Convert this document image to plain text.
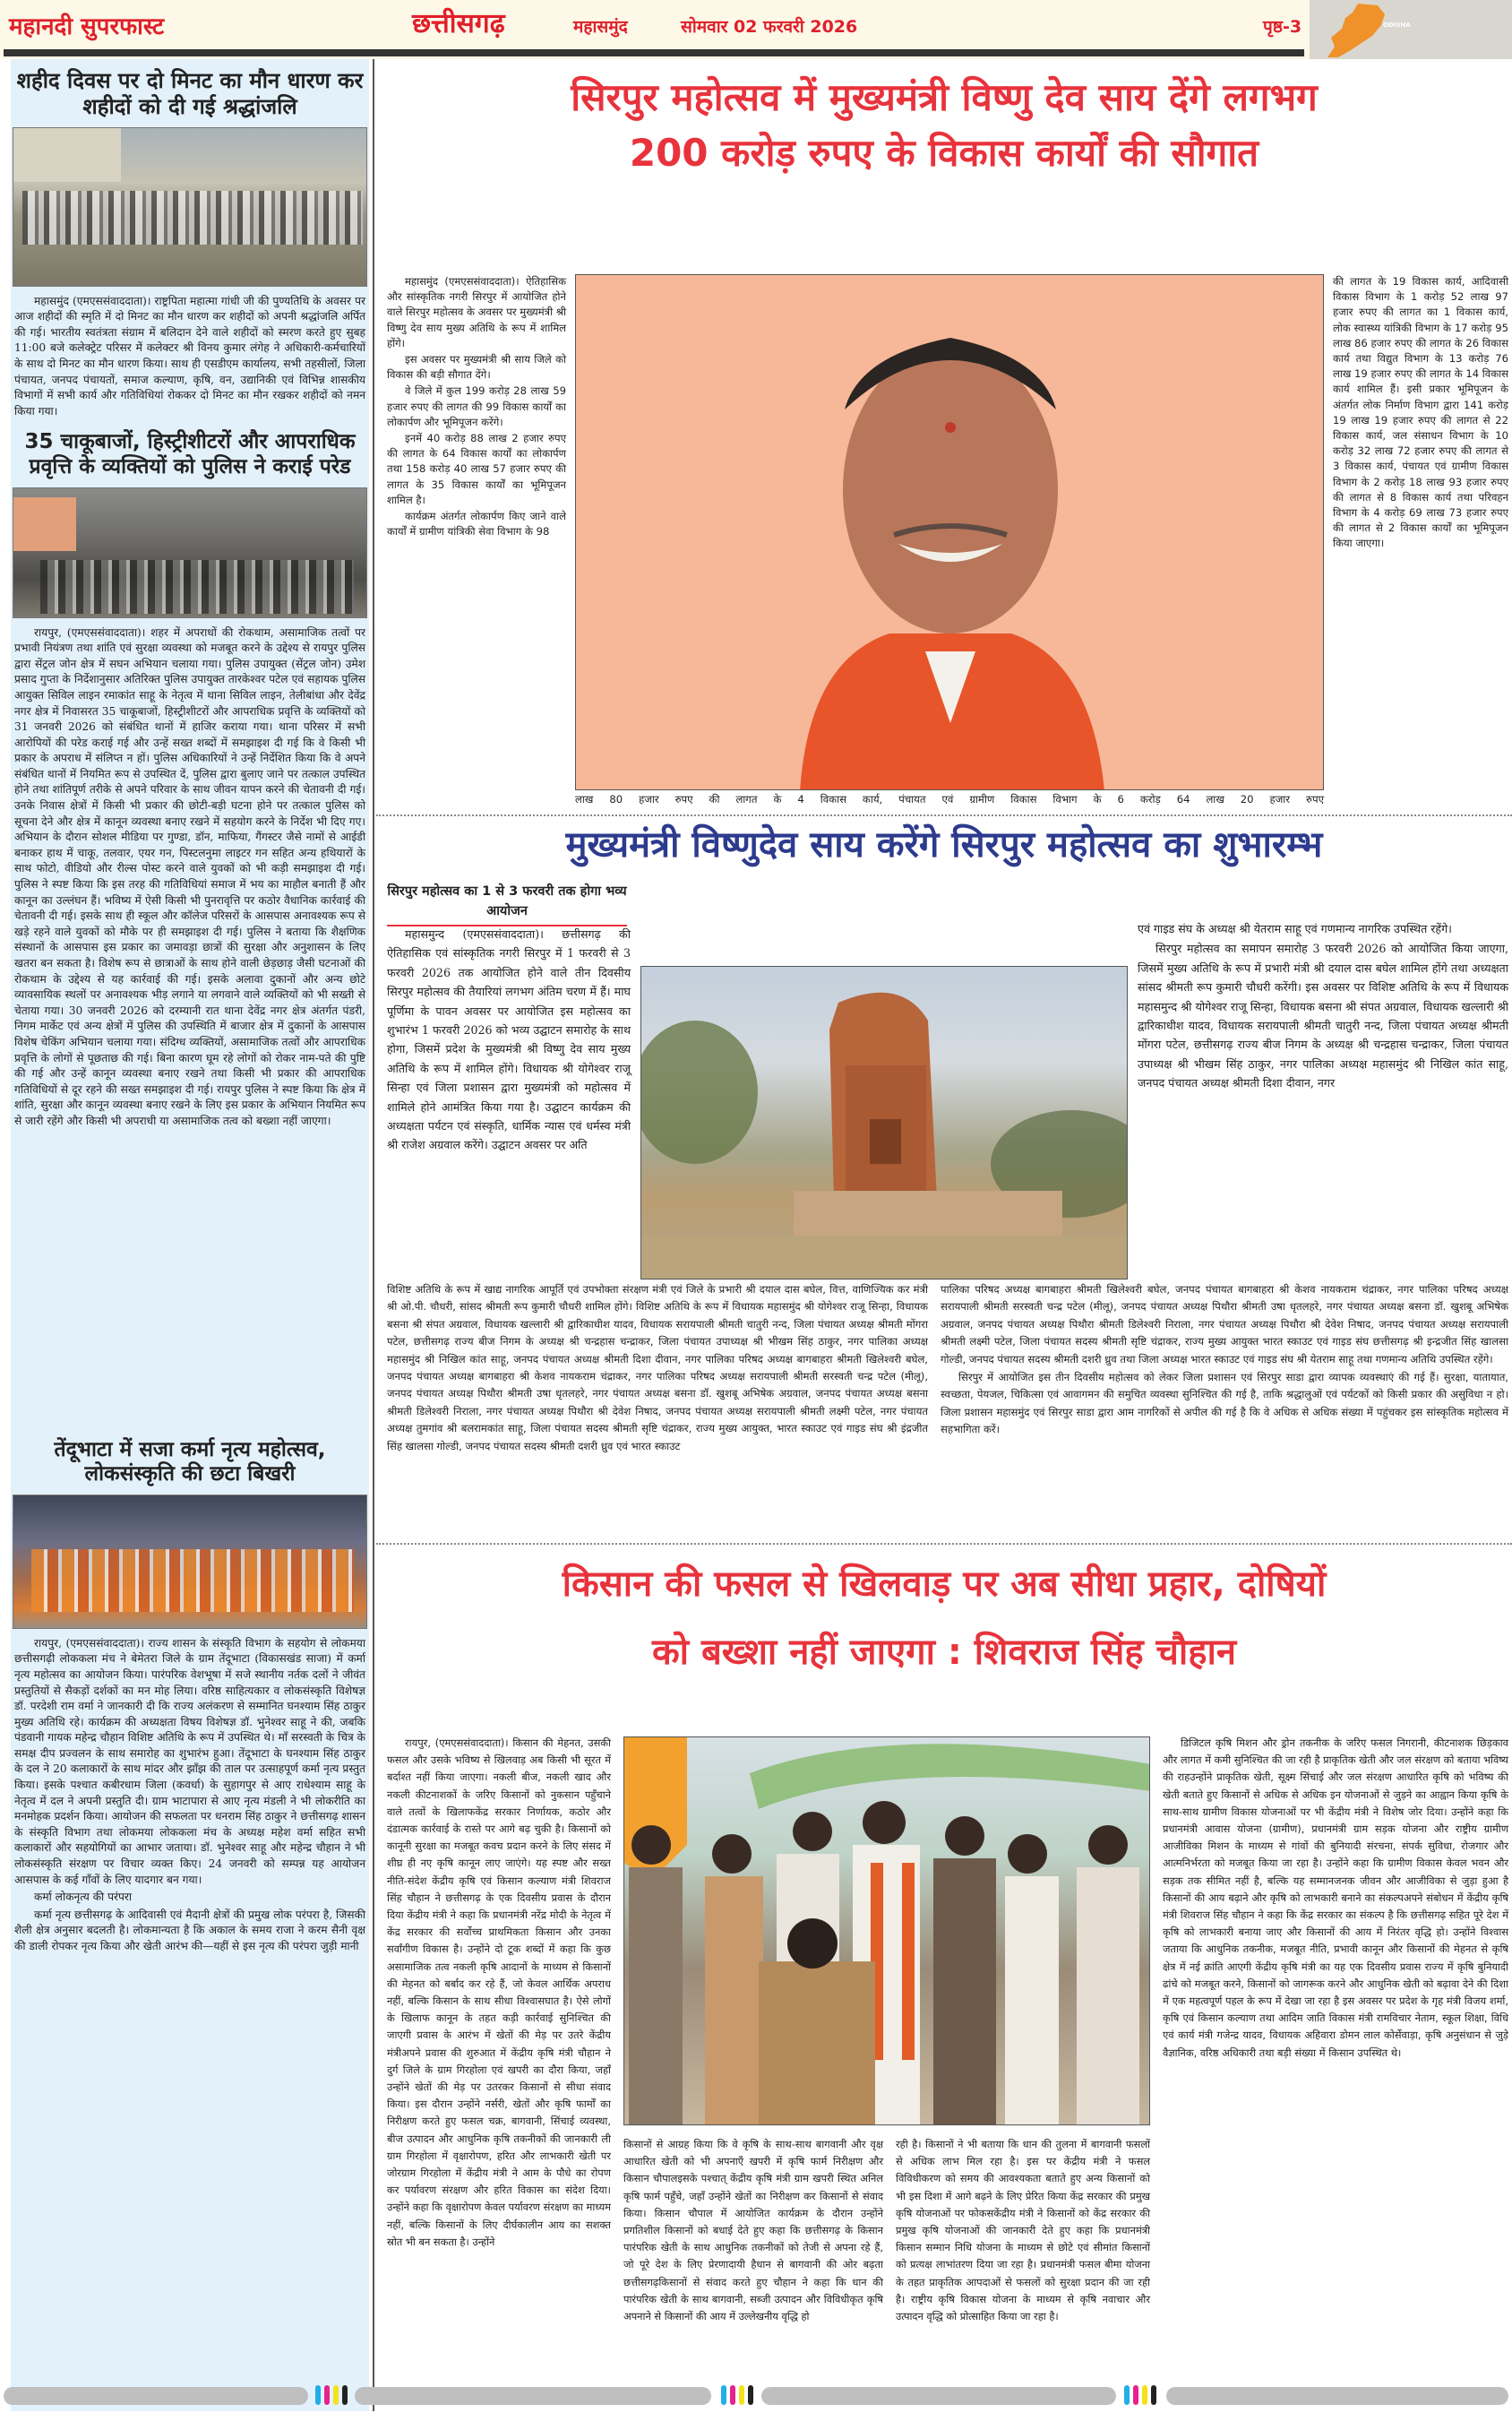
महानदी सुपरफास्ट	छत्तीसगढ़	महासमुंद	सोमवार 02 फरवरी 2026	पृष्ठ-3	ODISHA
शहीद दिवस पर दो मिनट का मौन धारण कर शहीदों को दी गई श्रद्धांजलि

महासमुंद (एमएससंवाददाता)। राष्ट्रपिता महात्मा गांधी जी की पुण्यतिथि के अवसर पर आज शहीदों की स्मृति में दो मिनट का मौन धारण कर शहीदों को अपनी श्रद्धांजलि अर्पित की गई। भारतीय स्वतंत्रता संग्राम में बलिदान देने वाले शहीदों को स्मरण करते हुए सुबह 11:00 बजे कलेक्ट्रेट परिसर में कलेक्टर श्री विनय कुमार लंगेह ने अधिकारी-कर्मचारियों के साथ दो मिनट का मौन धारण किया। साथ ही एसडीएम कार्यालय, सभी तहसीलों, जिला पंचायत, जनपद पंचायतों, समाज कल्याण, कृषि, वन, उद्यानिकी एवं विभिन्न शासकीय विभागों में सभी कार्य और गतिविधियां रोककर दो मिनट का मौन रखकर शहीदों को नमन किया गया।

35 चाकूबाजों, हिस्ट्रीशीटरों और आपराधिक प्रवृत्ति के व्यक्तियों को पुलिस ने कराई परेड

रायपुर, (एमएससंवाददाता)। शहर में अपराधों की रोकथाम, असामाजिक तत्वों पर प्रभावी नियंत्रण तथा शांति एवं सुरक्षा व्यवस्था को मजबूत करने के उद्देश्य से रायपुर पुलिस द्वारा सेंट्रल जोन क्षेत्र में सघन अभियान चलाया गया। पुलिस उपायुक्त (सेंट्रल जोन) उमेश प्रसाद गुप्ता के निर्देशानुसार अतिरिक्त पुलिस उपायुक्त तारकेश्वर पटेल एवं सहायक पुलिस आयुक्त सिविल लाइन रमाकांत साहू के नेतृत्व में थाना सिविल लाइन, तेलीबांधा और देवेंद्र नगर क्षेत्र में निवासरत 35 चाकूबाजों, हिस्ट्रीशीटरों और आपराधिक प्रवृत्ति के व्यक्तियों को 31 जनवरी 2026 को संबंधित थानों में हाजिर कराया गया। थाना परिसर में सभी आरोपियों की परेड कराई गई और उन्हें सख्त शब्दों में समझाइश दी गई कि वे किसी भी प्रकार के अपराध में संलिप्त न हों। पुलिस अधिकारियों ने उन्हें निर्देशित किया कि वे अपने संबंधित थानों में नियमित रूप से उपस्थित दें, पुलिस द्वारा बुलाए जाने पर तत्काल उपस्थित होने तथा शांतिपूर्ण तरीके से अपने परिवार के साथ जीवन यापन करने की चेतावनी दी गई। उनके निवास क्षेत्रों में किसी भी प्रकार की छोटी-बड़ी घटना होने पर तत्काल पुलिस को सूचना देने और क्षेत्र में कानून व्यवस्था बनाए रखने में सहयोग करने के निर्देश भी दिए गए। अभियान के दौरान सोशल मीडिया पर गुण्डा, डॉन, माफिया, गैंगस्टर जैसे नामों से आईडी बनाकर हाथ में चाकू, तलवार, एयर गन, पिस्टलनुमा लाइटर गन सहित अन्य हथियारों के साथ फोटो, वीडियो और रील्स पोस्ट करने वाले युवकों को भी कड़ी समझाइश दी गई। पुलिस ने स्पष्ट किया कि इस तरह की गतिविधियां समाज में भय का माहौल बनाती हैं और कानून का उल्लंघन हैं। भविष्य में ऐसी किसी भी पुनरावृत्ति पर कठोर वैधानिक कार्रवाई की चेतावनी दी गई। इसके साथ ही स्कूल और कॉलेज परिसरों के आसपास अनावश्यक रूप से खड़े रहने वाले युवकों को मौके पर ही समझाइश दी गई। पुलिस ने बताया कि शैक्षणिक संस्थानों के आसपास इस प्रकार का जमावड़ा छात्रों की सुरक्षा और अनुशासन के लिए खतरा बन सकता है। विशेष रूप से छात्राओं के साथ होने वाली छेड़छाड़ जैसी घटनाओं की रोकथाम के उद्देश्य से यह कार्रवाई की गई। इसके अलावा दुकानों और अन्य छोटे व्यावसायिक स्थलों पर अनावश्यक भीड़ लगाने या लगवाने वाले व्यक्तियों को भी सख्ती से चेताया गया। 30 जनवरी 2026 को दरम्यानी रात थाना देवेंद्र नगर क्षेत्र अंतर्गत पंडरी, निगम मार्केट एवं अन्य क्षेत्रों में पुलिस की उपस्थिति में बाजार क्षेत्र में दुकानों के आसपास विशेष चेकिंग अभियान चलाया गया। संदिग्ध व्यक्तियों, असामाजिक तत्वों और आपराधिक प्रवृत्ति के लोगों से पूछताछ की गई। बिना कारण घूम रहे लोगों को रोकर नाम-पते की पुष्टि की गई और उन्हें कानून व्यवस्था बनाए रखने तथा किसी भी प्रकार की आपराधिक गतिविधियों से दूर रहने की सख्त समझाइश दी गई। रायपुर पुलिस ने स्पष्ट किया कि क्षेत्र में शांति, सुरक्षा और कानून व्यवस्था बनाए रखने के लिए इस प्रकार के अभियान नियमित रूप से जारी रहेंगे और किसी भी अपराधी या असामाजिक तत्व को बख्शा नहीं जाएगा।

तेंदूभाटा में सजा कर्मा नृत्य महोत्सव, लोकसंस्कृति की छटा बिखरी

रायपुर, (एमएससंवाददाता)। राज्य शासन के संस्कृति विभाग के सहयोग से लोकमया छत्तीसगढ़ी लोककला मंच ने बेमेतरा जिले के ग्राम तेंदूभाटा (विकासखंड साजा) में कर्मा नृत्य महोत्सव का आयोजन किया। पारंपरिक वेशभूषा में सजे स्थानीय नर्तक दलों ने जीवंत प्रस्तुतियों से सैकड़ों दर्शकों का मन मोह लिया। वरिष्ठ साहित्यकार व लोकसंस्कृति विशेषज्ञ डॉ. परदेशी राम वर्मा ने जानकारी दी कि राज्य अलंकरण से सम्मानित घनश्याम सिंह ठाकुर मुख्य अतिथि रहे। कार्यक्रम की अध्यक्षता विषय विशेषज्ञ डॉ. भुनेश्वर साहू ने की, जबकि पंडवानी गायक महेन्द्र चौहान विशिष्ट अतिथि के रूप में उपस्थित थे। माँ सरस्वती के चित्र के समक्ष दीप प्रज्वलन के साथ समारोह का शुभारंभ हुआ। तेंदूभाटा के घनश्याम सिंह ठाकुर के दल ने 20 कलाकारों के साथ मांदर और झाँझ की ताल पर उत्साहपूर्ण कर्मा नृत्य प्रस्तुत किया। इसके पश्चात कबीरधाम जिला (कवर्धा) के सुहागपुर से आए राधेश्याम साहू के नेतृत्व में दल ने अपनी प्रस्तुति दी। ग्राम भाटापारा से आए नृत्य मंडली ने भी लोकरीति का मनमोहक प्रदर्शन किया। आयोजन की सफलता पर धनराम सिंह ठाकुर ने छत्तीसगढ़ शासन के संस्कृति विभाग तथा लोकमया लोककला मंच के अध्यक्ष महेश वर्मा सहित सभी कलाकारों और सहयोगियों का आभार जताया। डॉ. भुनेश्वर साहू और महेन्द्र चौहान ने भी लोकसंस्कृति संरक्षण पर विचार व्यक्त किए। 24 जनवरी को सम्पन्न यह आयोजन आसपास के कई गाँवों के लिए यादगार बन गया।

कर्मा लोकनृत्य की परंपरा

कर्मा नृत्य छत्तीसगढ़ के आदिवासी एवं मैदानी क्षेत्रों की प्रमुख लोक परंपरा है, जिसकी शैली क्षेत्र अनुसार बदलती है। लोकमान्यता है कि अकाल के समय राजा ने करम सैनी वृक्ष की डाली रोपकर नृत्य किया और खेती आरंभ की—यहीं से इस नृत्य की परंपरा जुड़ी मानी

सिरपुर महोत्सव में मुख्यमंत्री विष्णु देव साय देंगे लगभग
200 करोड़ रुपए के विकास कार्यों की सौगात

महासमुंद (एमएससंवाददाता)। ऐतिहासिक और सांस्कृतिक नगरी सिरपुर में आयोजित होने वाले सिरपुर महोत्सव के अवसर पर मुख्यमंत्री श्री विष्णु देव साय मुख्य अतिथि के रूप में शामिल होंगे।

इस अवसर पर मुख्यमंत्री श्री साय जिले को विकास की बड़ी सौगात देंगे।

वे जिले में कुल 199 करोड़ 28 लाख 59 हजार रुपए की लागत की 99 विकास कार्यों का लोकार्पण और भूमिपूजन करेंगे।

इनमें 40 करोड़ 88 लाख 2 हजार रुपए की लागत के 64 विकास कार्यों का लोकार्पण तथा 158 करोड़ 40 लाख 57 हजार रुपए की लागत के 35 विकास कार्यों का भूमिपूजन शामिल है।

कार्यक्रम अंतर्गत लोकार्पण किए जाने वाले कार्यों में ग्रामीण यांत्रिकी सेवा विभाग के 98

की लागत के 19 विकास कार्य, आदिवासी विकास विभाग के 1 करोड़ 52 लाख 97 हजार रुपए की लागत का 1 विकास कार्य, लोक स्वास्थ्य यांत्रिकी विभाग के 17 करोड़ 95 लाख 86 हजार रुपए की लागत के 26 विकास कार्य तथा विद्युत विभाग के 13 करोड़ 76 लाख 19 हजार रुपए की लागत के 14 विकास कार्य शामिल हैं। इसी प्रकार भूमिपूजन के अंतर्गत लोक निर्माण विभाग द्वारा 141 करोड़ 19 लाख 19 हजार रुपए की लागत से 22 विकास कार्य, जल संसाधन विभाग के 10 करोड़ 32 लाख 72 हजार रुपए की लागत से 3 विकास कार्य, पंचायत एवं ग्रामीण विकास विभाग के 2 करोड़ 18 लाख 93 हजार रुपए की लागत से 8 विकास कार्य तथा परिवहन विभाग के 4 करोड़ 69 लाख 73 हजार रुपए की लागत से 2 विकास कार्यों का भूमिपूजन किया जाएगा।

लाख 80 हजार रुपए की लागत के 4 विकास कार्य, पंचायत एवं ग्रामीण विकास विभाग के 6 करोड़ 64 लाख 20 हजार रुपए
मुख्यमंत्री विष्णुदेव साय करेंगे सिरपुर महोत्सव का शुभारम्भ
सिरपुर महोत्सव का 1 से 3 फरवरी तक होगा भव्य आयोजन

महासमुन्द (एमएससंवाददाता)। छत्तीसगढ़ की ऐतिहासिक एवं सांस्कृतिक नगरी सिरपुर में 1 फरवरी से 3 फरवरी 2026 तक आयोजित होने वाले तीन दिवसीय सिरपुर महोत्सव की तैयारियां लगभग अंतिम चरण में हैं। माघ पूर्णिमा के पावन अवसर पर आयोजित इस महोत्सव का शुभारंभ 1 फरवरी 2026 को भव्य उद्घाटन समारोह के साथ होगा, जिसमें प्रदेश के मुख्यमंत्री श्री विष्णु देव साय मुख्य अतिथि के रूप में शामिल होंगे। विधायक श्री योगेश्वर राजू सिन्हा एवं जिला प्रशासन द्वारा मुख्यमंत्री को महोत्सव में शामिले होने आमंत्रित किया गया है। उद्घाटन कार्यक्रम की अध्यक्षता पर्यटन एवं संस्कृति, धार्मिक न्यास एवं धर्मस्व मंत्री श्री राजेश अग्रवाल करेंगे। उद्घाटन अवसर पर अति

एवं गाइड संघ के अध्यक्ष श्री येतराम साहू एवं गणमान्य नागरिक उपस्थित रहेंगे।

सिरपुर महोत्सव का समापन समारोह 3 फरवरी 2026 को आयोजित किया जाएगा, जिसमें मुख्य अतिथि के रूप में प्रभारी मंत्री श्री दयाल दास बघेल शामिल होंगे तथा अध्यक्षता सांसद श्रीमती रूप कुमारी चौधरी करेंगी। इस अवसर पर विशिष्ट अतिथि के रूप में विधायक महासमुन्द श्री योगेश्वर राजू सिन्हा, विधायक बसना श्री संपत अग्रवाल, विधायक खल्लारी श्री द्वारिकाधीश यादव, विधायक सरायपाली श्रीमती चातुरी नन्द, जिला पंचायत अध्यक्ष श्रीमती मोंगरा पटेल, छत्तीसगढ़ राज्य बीज निगम के अध्यक्ष श्री चन्द्रहास चन्द्राकर, जिला पंचायत उपाध्यक्ष श्री भीखम सिंह ठाकुर, नगर पालिका अध्यक्ष महासमुंद श्री निखिल कांत साहू, जनपद पंचायत अध्यक्ष श्रीमती दिशा दीवान, नगर

विशिष्ट अतिथि के रूप में खाद्य नागरिक आपूर्ति एवं उपभोक्ता संरक्षण मंत्री एवं जिले के प्रभारी श्री दयाल दास बघेल, वित्त, वाणिज्यिक कर मंत्री श्री ओ.पी. चौधरी, सांसद श्रीमती रूप कुमारी चौधरी शामिल होंगे। विशिष्ट अतिथि के रूप में विधायक महासमुंद श्री योगेश्वर राजू सिन्हा, विधायक बसना श्री संपत अग्रवाल, विधायक खल्लारी श्री द्वारिकाधीश यादव, विधायक सरायपाली श्रीमती चातुरी नन्द, जिला पंचायत अध्यक्ष श्रीमती मोंगरा पटेल, छत्तीसगढ़ राज्य बीज निगम के अध्यक्ष श्री चन्द्रहास चन्द्राकर, जिला पंचायत उपाध्यक्ष श्री भीखम सिंह ठाकुर, नगर पालिका अध्यक्ष महासमुंद श्री निखिल कांत साहू, जनपद पंचायत अध्यक्ष श्रीमती दिशा दीवान, नगर पालिका परिषद अध्यक्ष बागबाहरा श्रीमती खिलेश्वरी बघेल, जनपद पंचायत अध्यक्ष बागबाहरा श्री केशव नायकराम चंद्राकर, नगर पालिका परिषद अध्यक्ष सरायपाली श्रीमती सरस्वती चन्द्र पटेल (मीलू), जनपद पंचायत अध्यक्ष पिथौरा श्रीमती उषा धृतलहरे, नगर पंचायत अध्यक्ष बसना डॉ. खुशबू अभिषेक अग्रवाल, जनपद पंचायत अध्यक्ष बसना श्रीमती डिलेश्वरी निराला, नगर पंचायत अध्यक्ष पिथौरा श्री देवेश निषाद, जनपद पंचायत अध्यक्ष सरायपाली श्रीमती लक्ष्मी पटेल, नगर पंचायत अध्यक्ष तुमगांव श्री बलरामकांत साहू, जिला पंचायत सदस्य श्रीमती सृष्टि चंद्राकर, राज्य मुख्य आयुक्त, भारत स्काउट एवं गाइड संघ श्री इंद्रजीत सिंह खालसा गोल्डी, जनपद पंचायत सदस्य श्रीमती दशरी ध्रुव एवं भारत स्काउट

पालिका परिषद अध्यक्ष बागबाहरा श्रीमती खिलेश्वरी बघेल, जनपद पंचायत बागबाहरा श्री केशव नायकराम चंद्राकर, नगर पालिका परिषद अध्यक्ष सरायपाली श्रीमती सरस्वती चन्द्र पटेल (मीलू), जनपद पंचायत अध्यक्ष पिथौरा श्रीमती उषा धृतलहरे, नगर पंचायत अध्यक्ष बसना डॉ. खुशबू अभिषेक अग्रवाल, जनपद पंचायत अध्यक्ष पिथौरा श्रीमती डिलेश्वरी निराला, नगर पंचायत अध्यक्ष पिथौरा श्री देवेश निषाद, जनपद पंचायत अध्यक्ष सरायपाली श्रीमती लक्ष्मी पटेल, जिला पंचायत सदस्य श्रीमती सृष्टि चंद्राकर, राज्य मुख्य आयुक्त भारत स्काउट एवं गाइड संघ छत्तीसगढ़ श्री इन्द्रजीत सिंह खालसा गोल्डी, जनपद पंचायत सदस्य श्रीमती दशरी ध्रुव तथा जिला अध्यक्ष भारत स्काउट एवं गाइड संघ श्री येतराम साहू तथा गणमान्य अतिथि उपस्थित रहेंगे।

सिरपुर में आयोजित इस तीन दिवसीय महोत्सव को लेकर जिला प्रशासन एवं सिरपुर साडा द्वारा व्यापक व्यवस्थाएं की गई हैं। सुरक्षा, यातायात, स्वच्छता, पेयजल, चिकित्सा एवं आवागमन की समुचित व्यवस्था सुनिश्चित की गई है, ताकि श्रद्धालुओं एवं पर्यटकों को किसी प्रकार की असुविधा न हो। जिला प्रशासन महासमुंद एवं सिरपुर साडा द्वारा आम नागरिकों से अपील की गई है कि वे अधिक से अधिक संख्या में पहुंचकर इस सांस्कृतिक महोत्सव में सहभागिता करें।

किसान की फसल से खिलवाड़ पर अब सीधा प्रहार, दोषियों
को बख्शा नहीं जाएगा : शिवराज सिंह चौहान

रायपुर, (एमएससंवाददाता)। किसान की मेहनत, उसकी फसल और उसके भविष्य से खिलवाड़ अब किसी भी सूरत में बर्दाश्त नहीं किया जाएगा। नकली बीज, नकली खाद और नकली कीटनाशकों के जरिए किसानों को नुकसान पहुँचाने वाले तत्वों के खिलाफकेंद्र सरकार निर्णायक, कठोर और दंडात्मक कार्रवाई के रास्ते पर आगे बढ़ चुकी है। किसानों को कानूनी सुरक्षा का मजबूत कवच प्रदान करने के लिए संसद में शीघ्र ही नए कृषि कानून लाए जाएंगे। यह स्पष्ट और सख्त नीति-संदेश केंद्रीय कृषि एवं किसान कल्याण मंत्री शिवराज सिंह चौहान ने छत्तीसगढ़ के एक दिवसीय प्रवास के दौरान दिया केंद्रीय मंत्री ने कहा कि प्रधानमंत्री नरेंद्र मोदी के नेतृत्व में केंद्र सरकार की सर्वोच्च प्राथमिकता किसान और उनका सर्वांगीण विकास है। उन्होंने दो टूक शब्दों में कहा कि कुछ असामाजिक तत्व नकली कृषि आदानों के माध्यम से किसानों की मेहनत को बर्बाद कर रहे हैं, जो केवल आर्थिक अपराध नहीं, बल्कि किसान के साथ सीधा विश्वासघात है। ऐसे लोगों के खिलाफ कानून के तहत कड़ी कार्रवाई सुनिश्चित की जाएगी प्रवास के आरंभ में खेतों की मेड़ पर उतरे केंद्रीय मंत्रीअपने प्रवास की शुरुआत में केंद्रीय कृषि मंत्री चौहान ने दुर्ग जिले के ग्राम गिरहोला एवं खपरी का दौरा किया, जहाँ उन्होंने खेतों की मेड़ पर उतरकर किसानों से सीधा संवाद किया। इस दौरान उन्होंने नर्सरी, खेतों और कृषि फार्मों का निरीक्षण करते हुए फसल चक्र, बागवानी, सिंचाई व्यवस्था, बीज उत्पादन और आधुनिक कृषि तकनीकों की जानकारी ली ग्राम गिरहोला में वृक्षारोपण, हरित और लाभकारी खेती पर जोरग्राम गिरहोला में केंद्रीय मंत्री ने आम के पौधे का रोपण कर पर्यावरण संरक्षण और हरित विकास का संदेश दिया। उन्होंने कहा कि वृक्षारोपण केवल पर्यावरण संरक्षण का माध्यम नहीं, बल्कि किसानों के लिए दीर्घकालीन आय का सशक्त स्रोत भी बन सकता है। उन्होंने

किसानों से आग्रह किया कि वे कृषि के साथ-साथ बागवानी और वृक्ष आधारित खेती को भी अपनाएँ खपरी में कृषि फार्म निरीक्षण और किसान चौपालइसके पश्चात् केंद्रीय कृषि मंत्री ग्राम खपरी स्थित अनिल कृषि फार्म पहुँचे, जहाँ उन्होंने खेतों का निरीक्षण कर किसानों से संवाद किया। किसान चौपाल में आयोजित कार्यक्रम के दौरान उन्होंने प्रगतिशील किसानों को बधाई देते हुए कहा कि छत्तीसगढ़ के किसान पारंपरिक खेती के साथ आधुनिक तकनीकों को तेजी से अपना रहे हैं, जो पूरे देश के लिए प्रेरणादायी हैधान से बागवानी की ओर बढ़ता छत्तीसगढ़किसानों से संवाद करते हुए चौहान ने कहा कि धान की पारंपरिक खेती के साथ बागवानी, सब्जी उत्पादन और विविधीकृत कृषि अपनाने से किसानों की आय में उल्लेखनीय वृद्धि हो

रही है। किसानों ने भी बताया कि धान की तुलना में बागवानी फसलों से अधिक लाभ मिल रहा है। इस पर केंद्रीय मंत्री ने फसल विविधीकरण को समय की आवश्यकता बताते हुए अन्य किसानों को भी इस दिशा में आगे बढ़ने के लिए प्रेरित किया केंद्र सरकार की प्रमुख कृषि योजनाओं पर फोकसकेंद्रीय मंत्री ने किसानों को केंद्र सरकार की प्रमुख कृषि योजनाओं की जानकारी देते हुए कहा कि प्रधानमंत्री किसान सम्मान निधि योजना के माध्यम से छोटे एवं सीमांत किसानों को प्रत्यक्ष लाभांतरण दिया जा रहा है। प्रधानमंत्री फसल बीमा योजना के तहत प्राकृतिक आपदाओं से फसलों को सुरक्षा प्रदान की जा रही है। राष्ट्रीय कृषि विकास योजना के माध्यम से कृषि नवाचार और उत्पादन वृद्धि को प्रोत्साहित किया जा रहा है।

डिजिटल कृषि मिशन और ड्रोन तकनीक के जरिए फसल निगरानी, कीटनाशक छिड़काव और लागत में कमी सुनिश्चित की जा रही है प्राकृतिक खेती और जल संरक्षण को बताया भविष्य की राहउन्होंने प्राकृतिक खेती, सूक्ष्म सिंचाई और जल संरक्षण आधारित कृषि को भविष्य की खेती बताते हुए किसानों से अधिक से अधिक इन योजनाओं से जुड़ने का आह्वान किया कृषि के साथ-साथ ग्रामीण विकास योजनाओं पर भी केंद्रीय मंत्री ने विशेष जोर दिया। उन्होंने कहा कि प्रधानमंत्री आवास योजना (ग्रामीण), प्रधानमंत्री ग्राम सड़क योजना और राष्ट्रीय ग्रामीण आजीविका मिशन के माध्यम से गांवों की बुनियादी संरचना, संपर्क सुविधा, रोजगार और आत्मनिर्भरता को मजबूत किया जा रहा है। उन्होंने कहा कि ग्रामीण विकास केवल भवन और सड़क तक सीमित नहीं है, बल्कि यह सम्मानजनक जीवन और आजीविका से जुड़ा हुआ है किसानों की आय बढ़ाने और कृषि को लाभकारी बनाने का संकल्पअपने संबोधन में केंद्रीय कृषि मंत्री शिवराज सिंह चौहान ने कहा कि केंद्र सरकार का संकल्प है कि छत्तीसगढ़ सहित पूरे देश में कृषि को लाभकारी बनाया जाए और किसानों की आय में निरंतर वृद्धि हो। उन्होंने विश्वास जताया कि आधुनिक तकनीक, मजबूत नीति, प्रभावी कानून और किसानों की मेहनत से कृषि क्षेत्र में नई क्रांति आएगी केंद्रीय कृषि मंत्री का यह एक दिवसीय प्रवास राज्य में कृषि बुनियादी ढांचे को मजबूत करने, किसानों को जागरूक करने और आधुनिक खेती को बढ़ावा देने की दिशा में एक महत्वपूर्ण पहल के रूप में देखा जा रहा है इस अवसर पर प्रदेश के गृह मंत्री विजय शर्मा, कृषि एवं किसान कल्याण तथा आदिम जाति विकास मंत्री रामविचार नेताम, स्कूल शिक्षा, विधि एवं कार्य मंत्री गजेन्द्र यादव, विधायक अहिवारा डोमन लाल कोर्सेवाड़ा, कृषि अनुसंधान से जुड़े वैज्ञानिक, वरिष्ठ अधिकारी तथा बड़ी संख्या में किसान उपस्थित थे।
